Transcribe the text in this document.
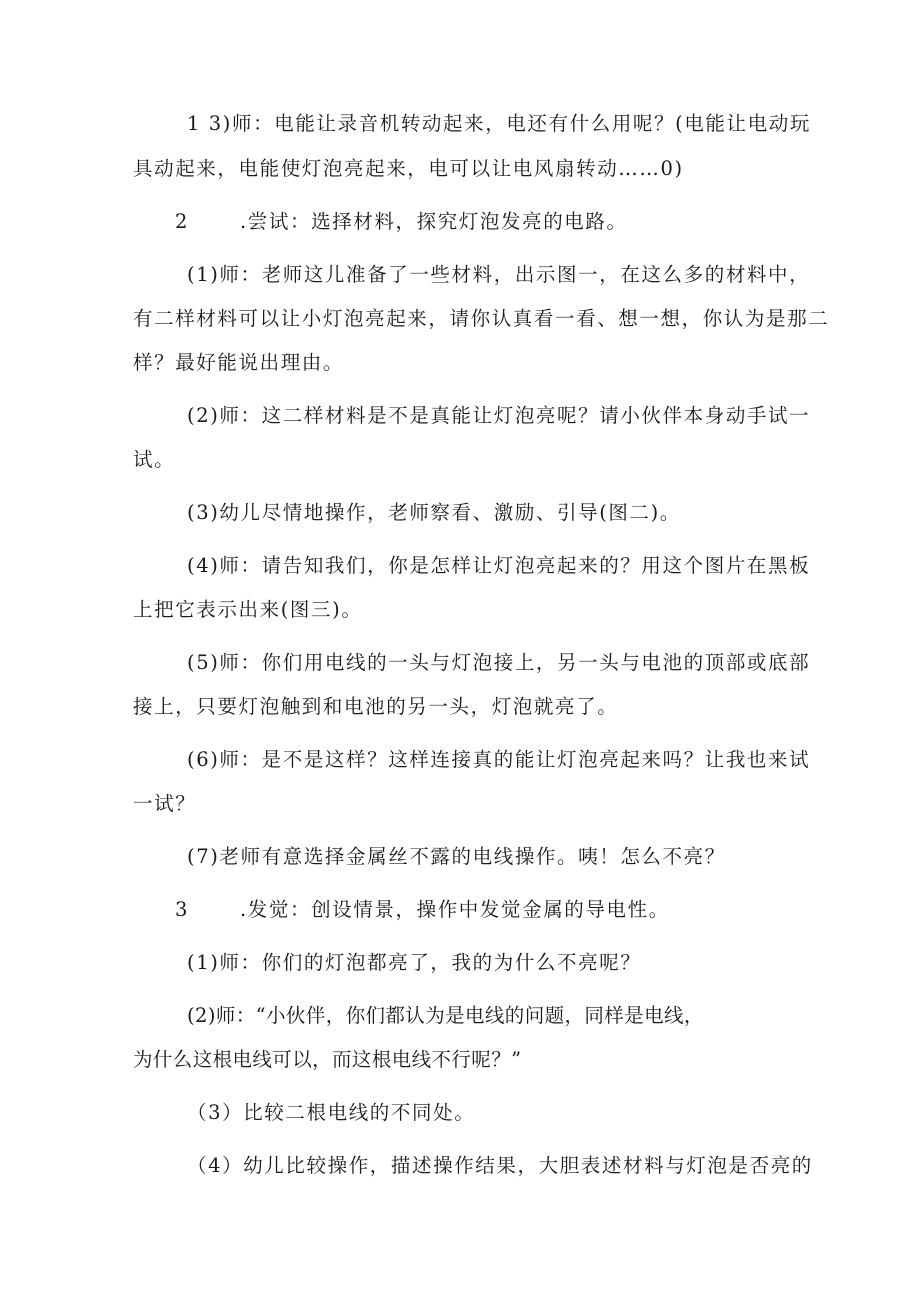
1 3)师：电能让录音机转动起来，电还有什么用呢？(电能让电动玩
具动起来，电能使灯泡亮起来，电可以让电风扇转动……0)
2	.尝试：选择材料，探究灯泡发亮的电路。
(1)师：老师这儿准备了一些材料，出示图一，在这么多的材料中，
有二样材料可以让小灯泡亮起来，请你认真看一看、想一想，你认为是那二
样？最好能说出理由。
(2)师：这二样材料是不是真能让灯泡亮呢？请小伙伴本身动手试一
试。
(3)幼儿尽情地操作，老师察看、激励、引导(图二)。
(4)师：请告知我们，你是怎样让灯泡亮起来的？用这个图片在黑板
上把它表示出来(图三)。
(5)师：你们用电线的一头与灯泡接上，另一头与电池的顶部或底部
接上，只要灯泡触到和电池的另一头，灯泡就亮了。
(6)师：是不是这样？这样连接真的能让灯泡亮起来吗？让我也来试
一试？
(7)老师有意选择金属丝不露的电线操作。咦！怎么不亮？
3	.发觉：创设情景，操作中发觉金属的导电性。
(1)师：你们的灯泡都亮了，我的为什么不亮呢？
(2)师：“小伙伴，你们都认为是电线的问题，同样是电线，
为什么这根电线可以，而这根电线不行呢？”
（3）比较二根电线的不同处。
（4）幼儿比较操作，描述操作结果，大胆表述材料与灯泡是否亮的
